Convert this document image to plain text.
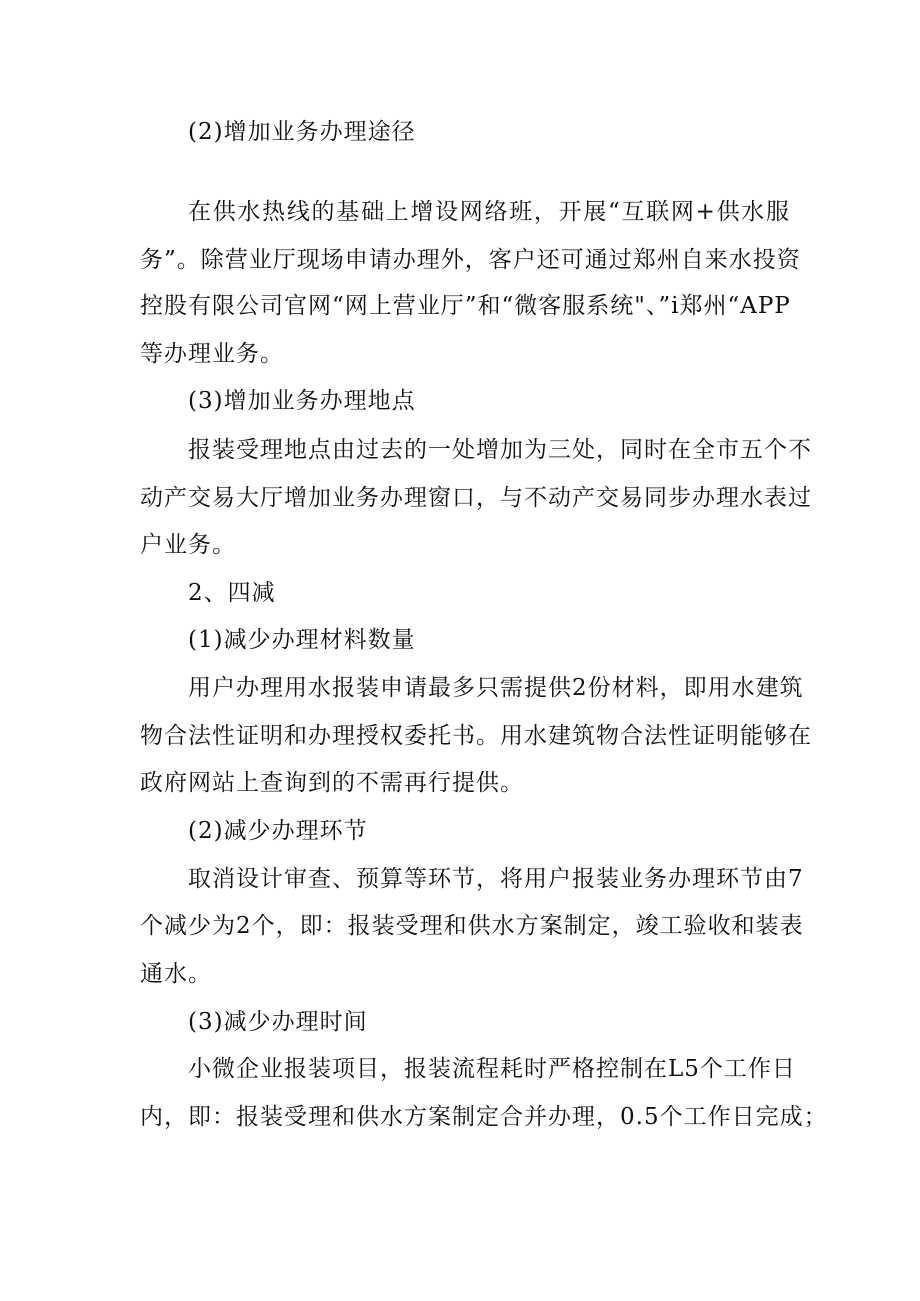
(2)增加业务办理途径
在供水热线的基础上增设网络班，开展“互联网+供水服
务”。除营业厅现场申请办理外，客户还可通过郑州自来水投资
控股有限公司官网“网上营业厅”和“微客服系统"、”i郑州“APP
等办理业务。
(3)增加业务办理地点
报装受理地点由过去的一处增加为三处，同时在全市五个不
动产交易大厅增加业务办理窗口，与不动产交易同步办理水表过
户业务。
2、四减
(1)减少办理材料数量
用户办理用水报装申请最多只需提供2份材料，即用水建筑
物合法性证明和办理授权委托书。用水建筑物合法性证明能够在
政府网站上查询到的不需再行提供。
(2)减少办理环节
取消设计审查、预算等环节，将用户报装业务办理环节由7
个减少为2个，即：报装受理和供水方案制定，竣工验收和装表
通水。
(3)减少办理时间
小微企业报装项目，报装流程耗时严格控制在L5个工作日
内，即：报装受理和供水方案制定合并办理，0.5个工作日完成；
